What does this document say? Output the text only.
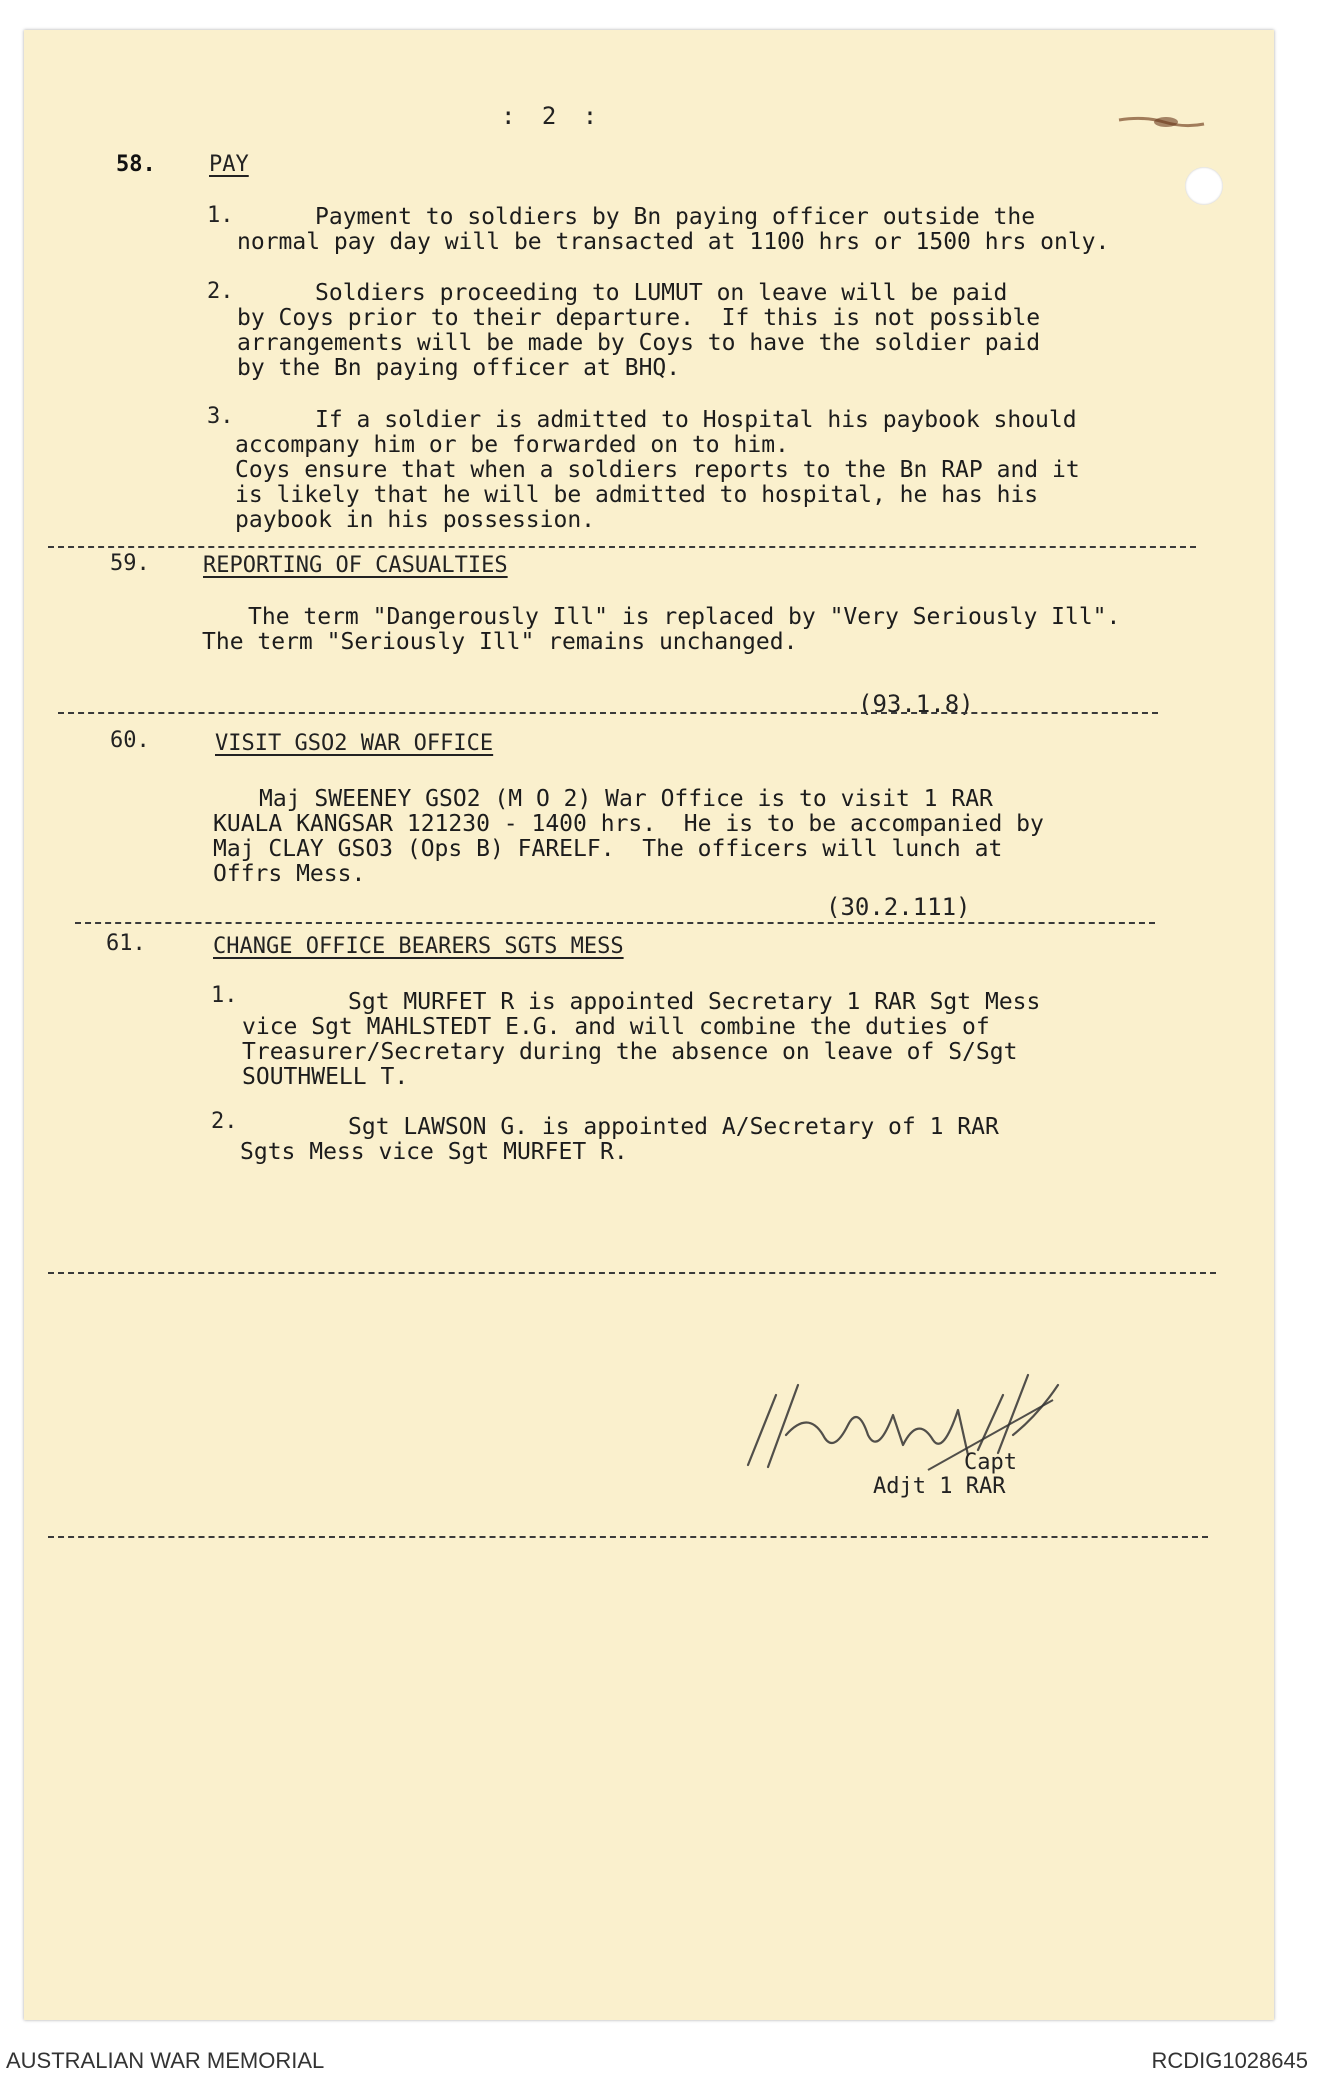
: 2 :
58. PAY
1.	Payment to soldiers by Bn paying officer outside the
normal pay day will be transacted at 1100 hrs or 1500 hrs only.
2.	Soldiers proceeding to LUMUT on leave will be paid
by Coys prior to their departure.  If this is not possible
arrangements will be made by Coys to have the soldier paid
by the Bn paying officer at BHQ.
3.	If a soldier is admitted to Hospital his paybook should
accompany him or be forwarded on to him.
Coys ensure that when a soldiers reports to the Bn RAP and it
is likely that he will be admitted to hospital, he has his
paybook in his possession.
59. REPORTING OF CASUALTIES
The term "Dangerously Ill" is replaced by "Very Seriously Ill".
The term "Seriously Ill" remains unchanged.
(93.1.8)
60.	VISIT GSO2 WAR OFFICE
Maj SWEENEY GSO2 (M O 2) War Office is to visit 1 RAR
KUALA KANGSAR 121230 - 1400 hrs.  He is to be accompanied by
Maj CLAY GSO3 (Ops B) FARELF.  The officers will lunch at
Offrs Mess.
(30.2.111)
61.	CHANGE OFFICE BEARERS SGTS MESS
1.	Sgt MURFET R is appointed Secretary 1 RAR Sgt Mess
vice Sgt MAHLSTEDT E.G. and will combine the duties of
Treasurer/Secretary during the absence on leave of S/Sgt
SOUTHWELL T.
2.	Sgt LAWSON G. is appointed A/Secretary of 1 RAR
Sgts Mess vice Sgt MURFET R.
Capt
Adjt 1 RAR
AUSTRALIAN WAR MEMORIAL	RCDIG1028645
